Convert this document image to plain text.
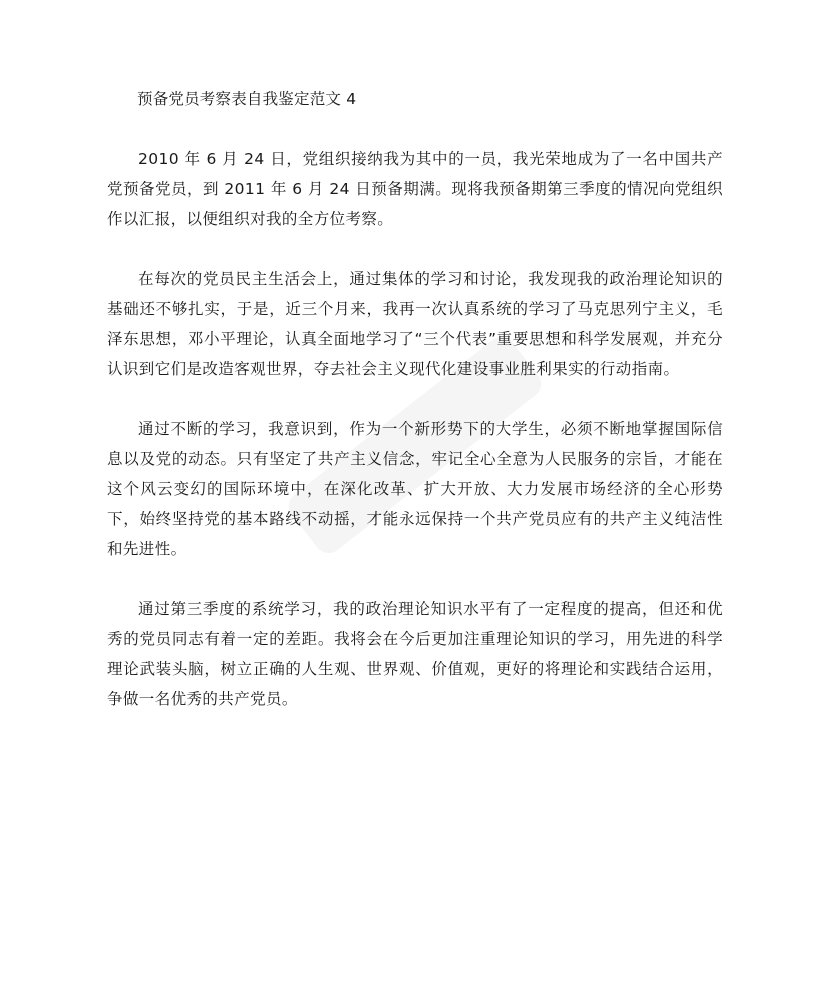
预备党员考察表自我鉴定范文 4

2010 年 6 月 24 日，党组织接纳我为其中的一员，我光荣地成为了一名中国共产党预备党员，到 2011 年 6 月 24 日预备期满。现将我预备期第三季度的情况向党组织作以汇报，以便组织对我的全方位考察。

在每次的党员民主生活会上，通过集体的学习和讨论，我发现我的政治理论知识的基础还不够扎实，于是，近三个月来，我再一次认真系统的学习了马克思列宁主义，毛泽东思想，邓小平理论，认真全面地学习了“三个代表”重要思想和科学发展观，并充分认识到它们是改造客观世界，夺去社会主义现代化建设事业胜利果实的行动指南。

通过不断的学习，我意识到，作为一个新形势下的大学生，必须不断地掌握国际信息以及党的动态。只有坚定了共产主义信念，牢记全心全意为人民服务的宗旨，才能在这个风云变幻的国际环境中，在深化改革、扩大开放、大力发展市场经济的全心形势下，始终坚持党的基本路线不动摇，才能永远保持一个共产党员应有的共产主义纯洁性和先进性。

通过第三季度的系统学习，我的政治理论知识水平有了一定程度的提高，但还和优秀的党员同志有着一定的差距。我将会在今后更加注重理论知识的学习，用先进的科学理论武装头脑，树立正确的人生观、世界观、价值观，更好的将理论和实践结合运用，争做一名优秀的共产党员。
